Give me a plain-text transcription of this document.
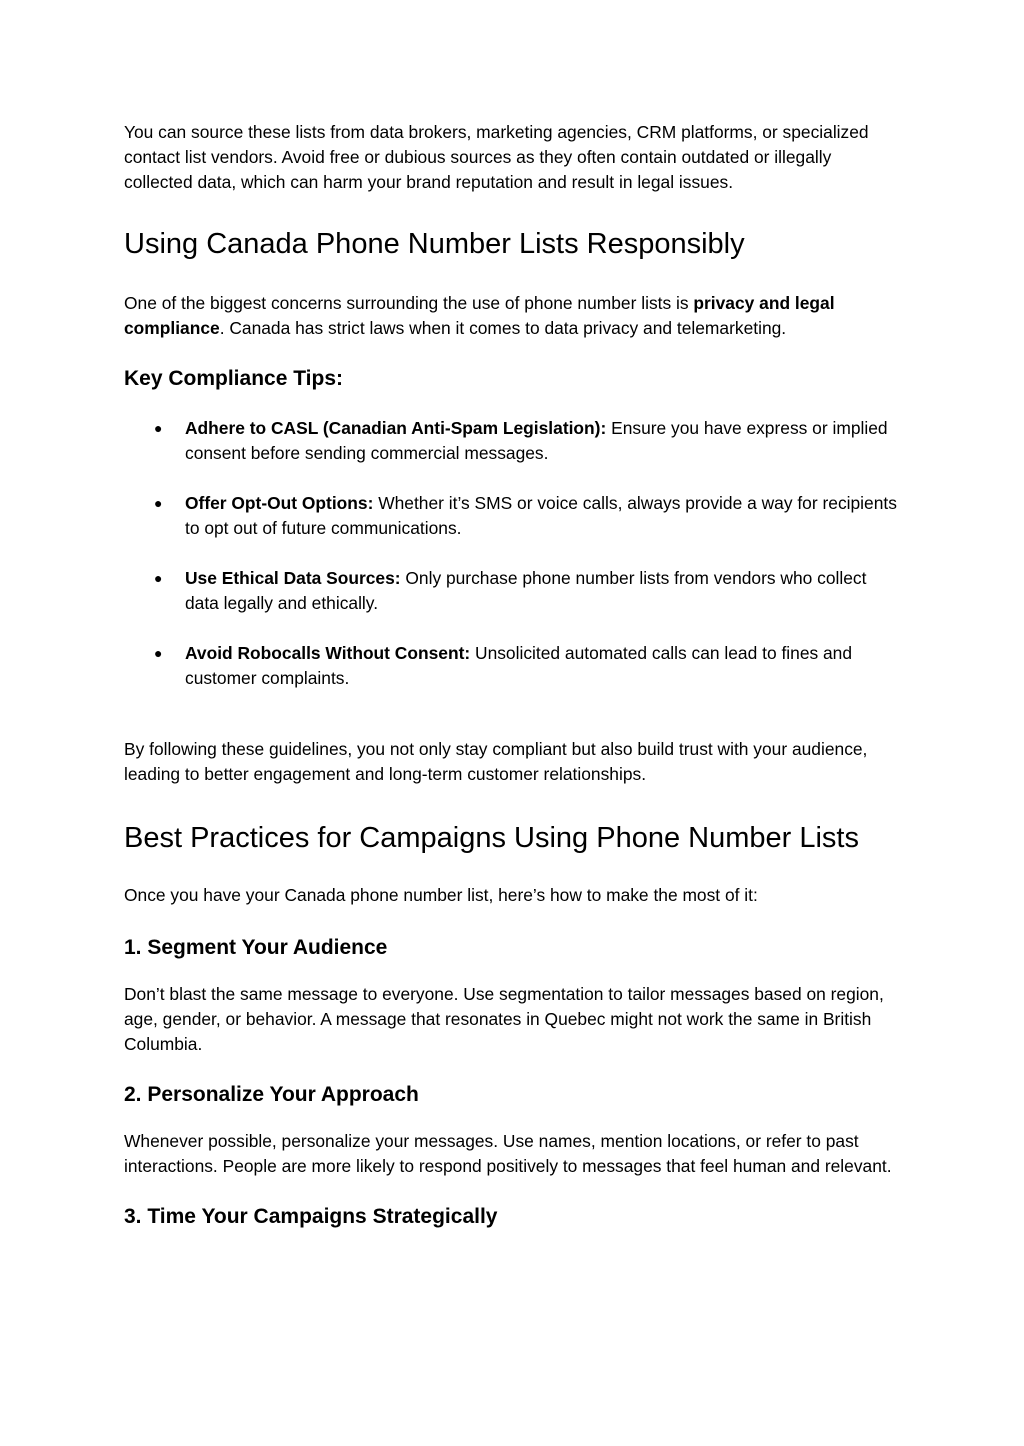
You can source these lists from data brokers, marketing agencies, CRM platforms, or specialized contact list vendors. Avoid free or dubious sources as they often contain outdated or illegally collected data, which can harm your brand reputation and result in legal issues.

Using Canada Phone Number Lists Responsibly

One of the biggest concerns surrounding the use of phone number lists is privacy and legal compliance. Canada has strict laws when it comes to data privacy and telemarketing.

Key Compliance Tips:
● Adhere to CASL (Canadian Anti-Spam Legislation): Ensure you have express or implied consent before sending commercial messages.
● Offer Opt-Out Options: Whether it’s SMS or voice calls, always provide a way for recipients to opt out of future communications.
● Use Ethical Data Sources: Only purchase phone number lists from vendors who collect data legally and ethically.
● Avoid Robocalls Without Consent: Unsolicited automated calls can lead to fines and customer complaints.

By following these guidelines, you not only stay compliant but also build trust with your audience, leading to better engagement and long-term customer relationships.

Best Practices for Campaigns Using Phone Number Lists

Once you have your Canada phone number list, here’s how to make the most of it:

1. Segment Your Audience

Don’t blast the same message to everyone. Use segmentation to tailor messages based on region, age, gender, or behavior. A message that resonates in Quebec might not work the same in British Columbia.

2. Personalize Your Approach

Whenever possible, personalize your messages. Use names, mention locations, or refer to past interactions. People are more likely to respond positively to messages that feel human and relevant.

3. Time Your Campaigns Strategically
